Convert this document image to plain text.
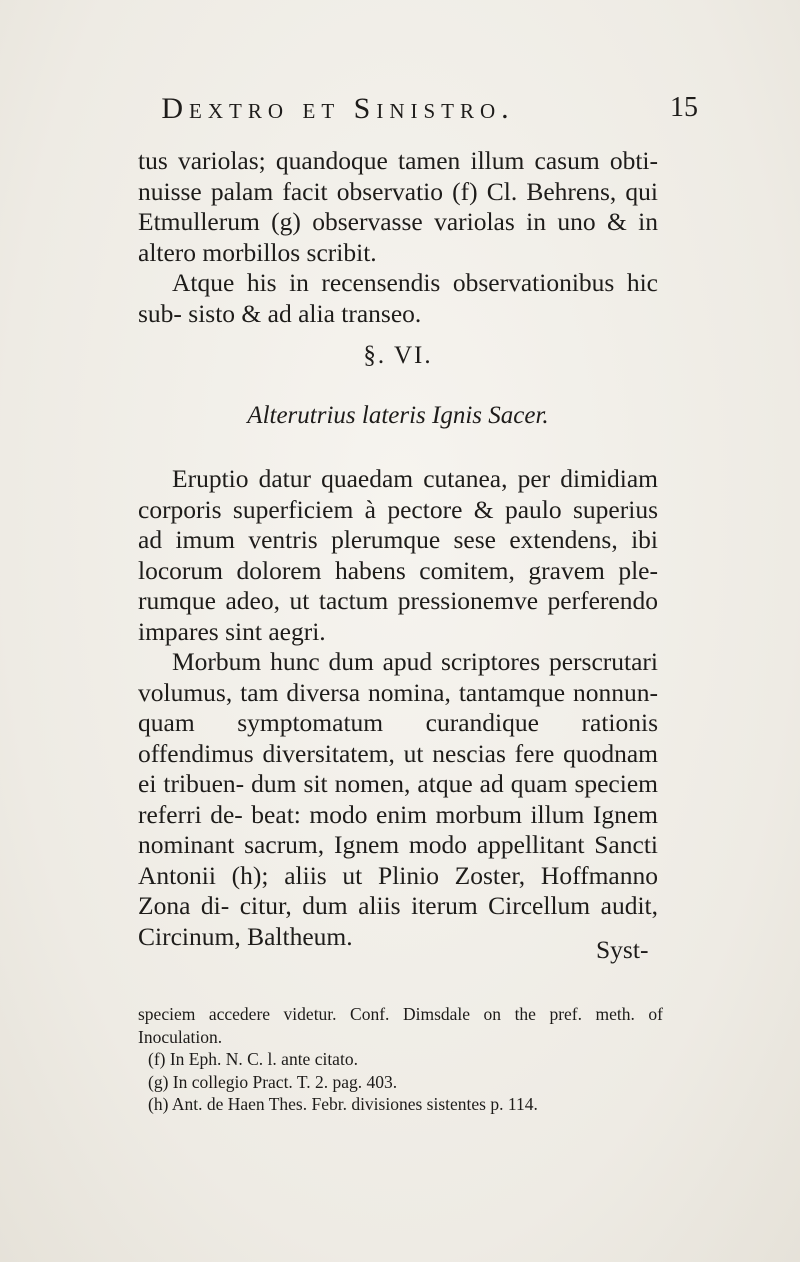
Dextro et Sinistro.	15

tus variolas; quandoque tamen illum casum obti- nuisse palam facit observatio (f) Cl. Behrens, qui Etmullerum (g) observasse variolas in uno & in altero morbillos scribit.

Atque his in recensendis observationibus hic sub- sisto & ad alia transeo.

§. VI.
Alterutrius lateris Ignis Sacer.

Eruptio datur quaedam cutanea, per dimidiam corporis superficiem à pectore & paulo superius ad imum ventris plerumque sese extendens, ibi locorum dolorem habens comitem, gravem ple- rumque adeo, ut tactum pressionemve perferendo impares sint aegri.

Morbum hunc dum apud scriptores perscrutari volumus, tam diversa nomina, tantamque nonnun- quam symptomatum curandique rationis offendimus diversitatem, ut nescias fere quodnam ei tribuen- dum sit nomen, atque ad quam speciem referri de- beat: modo enim morbum illum Ignem nominant sacrum, Ignem modo appellitant Sancti Antonii (h); aliis ut Plinio Zoster, Hoffmanno Zona di- citur, dum aliis iterum Circellum audit, Circinum, Baltheum.	Syst-

speciem accedere videtur. Conf. Dimsdale on the pref. meth. of Inoculation.

(f) In Eph. N. C. l. ante citato.

(g) In collegio Pract. T. 2. pag. 403.

(h) Ant. de Haen Thes. Febr. divisiones sistentes p. 114.
